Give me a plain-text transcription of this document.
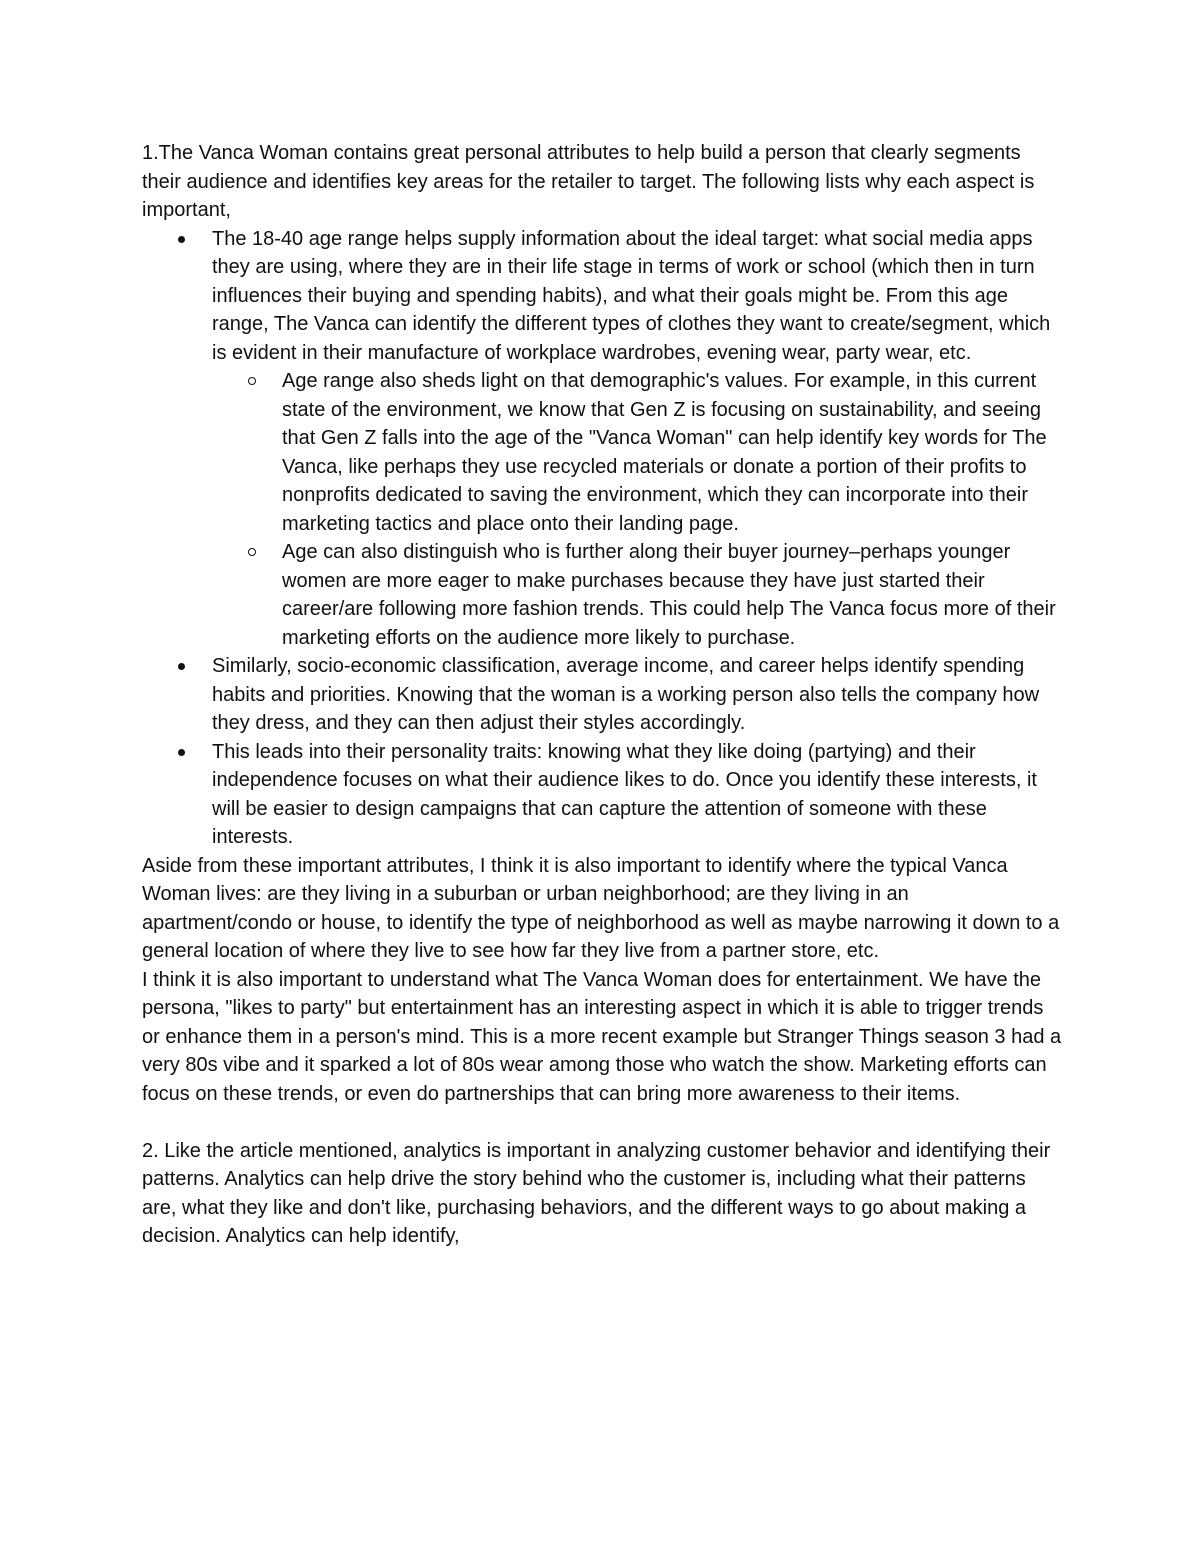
1.The Vanca Woman contains great personal attributes to help build a person that clearly segments their audience and identifies key areas for the retailer to target. The following lists why each aspect is important,

The 18-40 age range helps supply information about the ideal target: what social media apps they are using, where they are in their life stage in terms of work or school (which then in turn influences their buying and spending habits), and what their goals might be. From this age range, The Vanca can identify the different types of clothes they want to create/segment, which is evident in their manufacture of workplace wardrobes, evening wear, party wear, etc.
Age range also sheds light on that demographic's values. For example, in this current state of the environment, we know that Gen Z is focusing on sustainability, and seeing that Gen Z falls into the age of the "Vanca Woman" can help identify key words for The Vanca, like perhaps they use recycled materials or donate a portion of their profits to nonprofits dedicated to saving the environment, which they can incorporate into their marketing tactics and place onto their landing page.
Age can also distinguish who is further along their buyer journey–perhaps younger women are more eager to make purchases because they have just started their career/are following more fashion trends. This could help The Vanca focus more of their marketing efforts on the audience more likely to purchase.
Similarly, socio-economic classification, average income, and career helps identify spending habits and priorities. Knowing that the woman is a working person also tells the company how they dress, and they can then adjust their styles accordingly.
This leads into their personality traits: knowing what they like doing (partying) and their independence focuses on what their audience likes to do. Once you identify these interests, it will be easier to design campaigns that can capture the attention of someone with these interests.

Aside from these important attributes, I think it is also important to identify where the typical Vanca Woman lives: are they living in a suburban or urban neighborhood; are they living in an apartment/condo or house, to identify the type of neighborhood as well as maybe narrowing it down to a general location of where they live to see how far they live from a partner store, etc.

I think it is also important to understand what The Vanca Woman does for entertainment. We have the persona, "likes to party" but entertainment has an interesting aspect in which it is able to trigger trends or enhance them in a person's mind. This is a more recent example but Stranger Things season 3 had a very 80s vibe and it sparked a lot of 80s wear among those who watch the show. Marketing efforts can focus on these trends, or even do partnerships that can bring more awareness to their items.

2. Like the article mentioned, analytics is important in analyzing customer behavior and identifying their patterns. Analytics can help drive the story behind who the customer is, including what their patterns are, what they like and don't like, purchasing behaviors, and the different ways to go about making a decision. Analytics can help identify,
